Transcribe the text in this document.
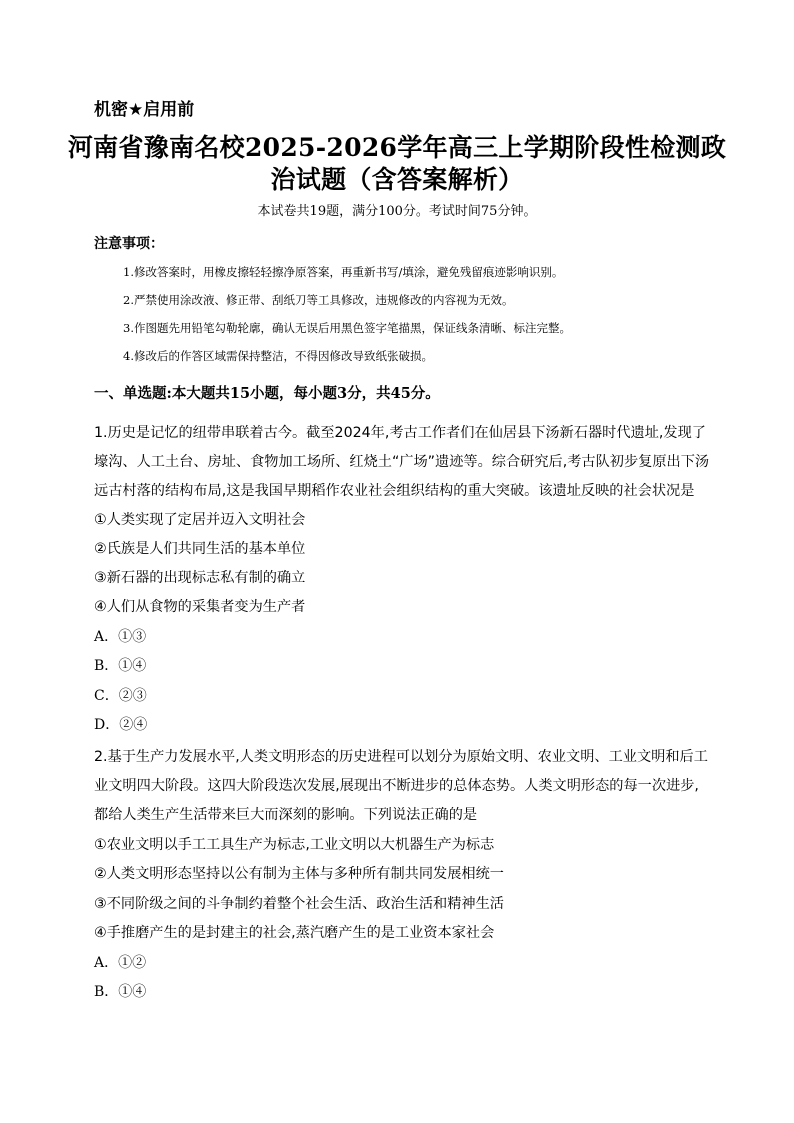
机密★启用前
河南省豫南名校2025-2026学年高三上学期阶段性检测政
治试题（含答案解析）
本试卷共19题，满分100分。考试时间75分钟。
注意事项：
1.修改答案时，用橡皮擦轻轻擦净原答案，再重新书写/填涂，避免残留痕迹影响识别。
2.严禁使用涂改液、修正带、刮纸刀等工具修改，违规修改的内容视为无效。
3.作图题先用铅笔勾勒轮廓，确认无误后用黑色签字笔描黑，保证线条清晰、标注完整。
4.修改后的作答区域需保持整洁，不得因修改导致纸张破损。
一、单选题:本大题共15小题，每小题3分，共45分。
1.历史是记忆的纽带串联着古今。截至2024年,考古工作者们在仙居县下汤新石器时代遗址,发现了
壕沟、人工土台、房址、食物加工场所、红烧土“广场”遗迹等。综合研究后,考古队初步复原出下汤
远古村落的结构布局,这是我国早期稻作农业社会组织结构的重大突破。该遗址反映的社会状况是
①人类实现了定居并迈入文明社会
②氏族是人们共同生活的基本单位
③新石器的出现标志私有制的确立
④人们从食物的采集者变为生产者
A．①③
B．①④
C．②③
D．②④
2.基于生产力发展水平,人类文明形态的历史进程可以划分为原始文明、农业文明、工业文明和后工
业文明四大阶段。这四大阶段迭次发展,展现出不断进步的总体态势。人类文明形态的每一次进步,
都给人类生产生活带来巨大而深刻的影响。下列说法正确的是
①农业文明以手工工具生产为标志,工业文明以大机器生产为标志
②人类文明形态坚持以公有制为主体与多种所有制共同发展相统一
③不同阶级之间的斗争制约着整个社会生活、政治生活和精神生活
④手推磨产生的是封建主的社会,蒸汽磨产生的是工业资本家社会
A．①②
B．①④
